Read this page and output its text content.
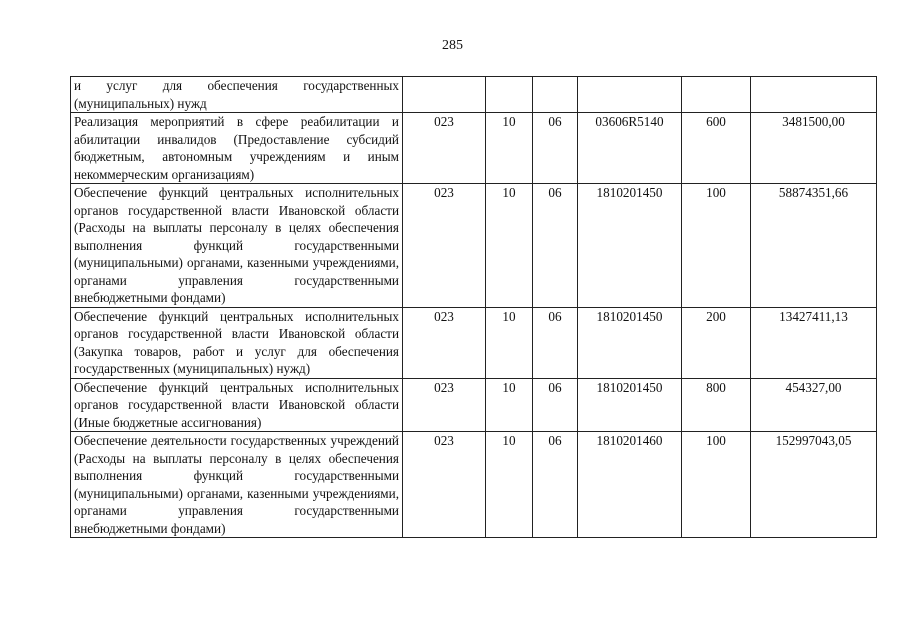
285
и услуг для обеспечения государственных (муниципальных) нужд						
Реализация мероприятий в сфере реабилитации и абилитации инвалидов (Предоставление субсидий бюджетным, автономным учреждениям и иным некоммерческим организациям)	023	10	06	03606R5140	600	3481500,00
Обеспечение функций центральных исполнительных органов государственной власти Ивановской области (Расходы на выплаты персоналу в целях обеспечения выполнения функций государственными (муниципальными) органами, казенными учреждениями, органами управления государственными внебюджетными фондами)	023	10	06	1810201450	100	58874351,66
Обеспечение функций центральных исполнительных органов государственной власти Ивановской области (Закупка товаров, работ и услуг для обеспечения государственных (муниципальных) нужд)	023	10	06	1810201450	200	13427411,13
Обеспечение функций центральных исполнительных органов государственной власти Ивановской области (Иные бюджетные ассигнования)	023	10	06	1810201450	800	454327,00
Обеспечение деятельности государственных учреждений (Расходы на выплаты персоналу в целях обеспечения выполнения функций государственными (муниципальными) органами, казенными учреждениями, органами управления государственными внебюджетными фондами)	023	10	06	1810201460	100	152997043,05
